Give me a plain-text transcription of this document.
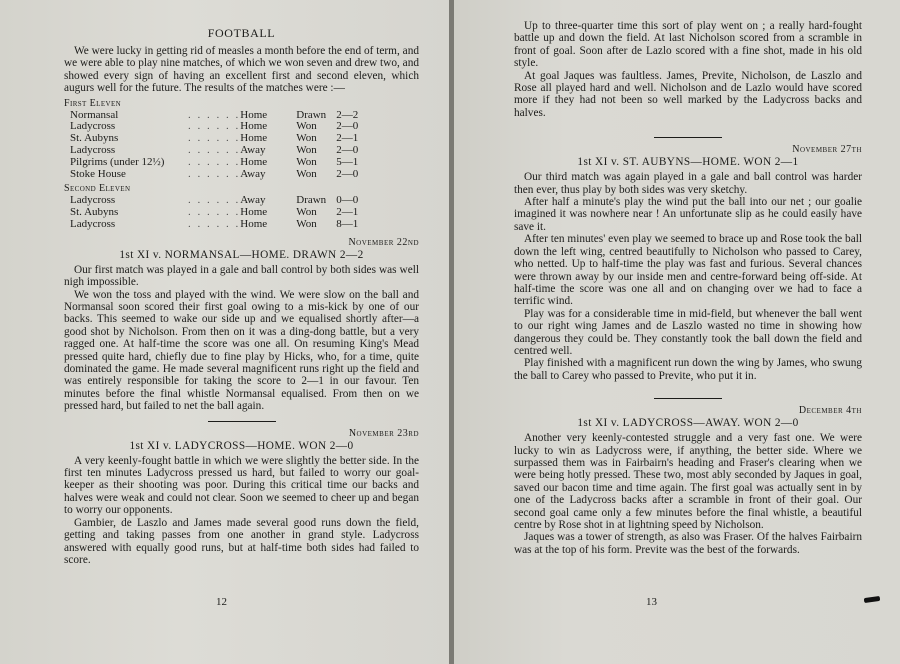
FOOTBALL

We were lucky in getting rid of measles a month before the end of term, and we were able to play nine matches, of which we won seven and drew two, and showed every sign of having an excellent first and second eleven, which augurs well for the future. The results of the matches were :—

First Eleven
Normansal	. . . . . .	Home	Drawn	2—2
Ladycross	. . . . . .	Home	Won	2—0
St. Aubyns	. . . . . .	Home	Won	2—1
Ladycross	. . . . . .	Away	Won	2—0
Pilgrims (under 12½)	. . . . . .	Home	Won	5—1
Stoke House	. . . . . .	Away	Won	2—0
Second Eleven
Ladycross	. . . . . .	Away	Drawn	0—0
St. Aubyns	. . . . . .	Home	Won	2—1
Ladycross	. . . . . .	Home	Won	8—1
November 22nd
1st XI v. NORMANSAL—HOME. DRAWN 2—2

Our first match was played in a gale and ball control by both sides was well nigh impossible.

We won the toss and played with the wind. We were slow on the ball and Normansal soon scored their first goal owing to a mis-kick by one of our backs. This seemed to wake our side up and we equalised shortly after—a good shot by Nicholson. From then on it was a ding-dong battle, but a very ragged one. At half-time the score was one all. On resuming King's Mead pressed quite hard, chiefly due to fine play by Hicks, who, for a time, quite dominated the game. He made several magnificent runs right up the field and was entirely responsible for taking the score to 2—1 in our favour. Ten minutes before the final whistle Normansal equalised. From then on we pressed hard, but failed to net the ball again.

November 23rd
1st XI v. LADYCROSS—HOME. WON 2—0

A very keenly-fought battle in which we were slightly the better side. In the first ten minutes Ladycross pressed us hard, but failed to worry our goal-keeper as their shooting was poor. During this critical time our backs and halves were weak and could not clear. Soon we seemed to cheer up and began to worry our opponents.

Gambier, de Laszlo and James made several good runs down the field, getting and taking passes from one another in grand style. Ladycross answered with equally good runs, but at half-time both sides had failed to score.

12

Up to three-quarter time this sort of play went on ; a really hard-fought battle up and down the field. At last Nicholson scored from a scramble in front of goal. Soon after de Lazlo scored with a fine shot, made in his old style.

At goal Jaques was faultless. James, Previte, Nicholson, de Laszlo and Rose all played hard and well. Nicholson and de Lazlo would have scored more if they had not been so well marked by the Ladycross backs and halves.

November 27th
1st XI v. ST. AUBYNS—HOME. WON 2—1

Our third match was again played in a gale and ball control was harder then ever, thus play by both sides was very sketchy.

After half a minute's play the wind put the ball into our net ; our goalie imagined it was nowhere near ! An unfortunate slip as he could easily have save it.

After ten minutes' even play we seemed to brace up and Rose took the ball down the left wing, centred beautifully to Nicholson who passed to Carey, who netted. Up to half-time the play was fast and furious. Several chances were thrown away by our inside men and centre-forward being off-side. At half-time the score was one all and on changing over we had to face a terrific wind.

Play was for a considerable time in mid-field, but whenever the ball went to our right wing James and de Laszlo wasted no time in showing how dangerous they could be. They constantly took the ball down the field and centred well.

Play finished with a magnificent run down the wing by James, who swung the ball to Carey who passed to Previte, who put it in.

December 4th
1st XI v. LADYCROSS—AWAY. WON 2—0

Another very keenly-contested struggle and a very fast one. We were lucky to win as Ladycross were, if anything, the better side. Where we surpassed them was in Fairbairn's heading and Fraser's clearing when we were being hotly pressed. These two, most ably seconded by Jaques in goal, saved our bacon time and time again. The first goal was actually sent in by one of the Ladycross backs after a scramble in front of their goal. Our second goal came only a few minutes before the final whistle, a beautiful centre by Rose shot in at lightning speed by Nicholson.

Jaques was a tower of strength, as also was Fraser. Of the halves Fairbairn was at the top of his form. Previte was the best of the forwards.

13
